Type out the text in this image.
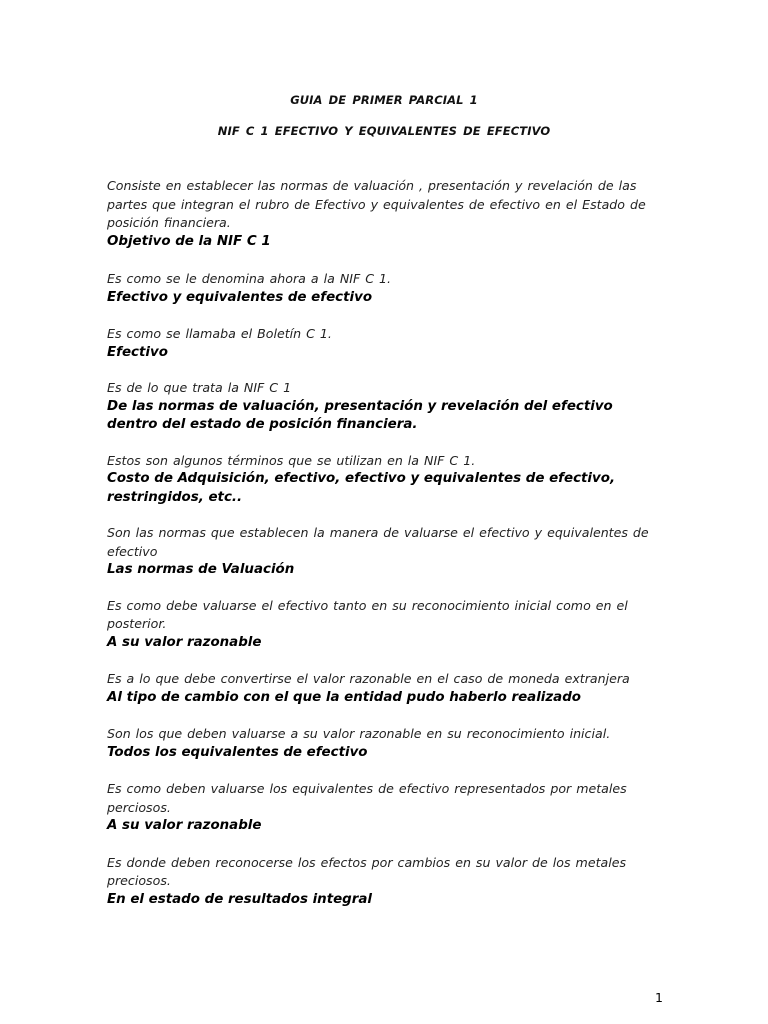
GUIA DE PRIMER PARCIAL 1
NIF C 1 EFECTIVO Y EQUIVALENTES DE EFECTIVO

Consiste en establecer las normas de valuación , presentación y revelación de las partes que integran el rubro de Efectivo y equivalentes de efectivo en el Estado de posición financiera.

Objetivo de la NIF C 1

Es como se le denomina ahora a la NIF C 1.

Efectivo y equivalentes de efectivo

Es como se llamaba el Boletín C 1.

Efectivo

Es de lo que trata la NIF C 1

De las normas de valuación, presentación y revelación del efectivo dentro del estado de posición financiera.

Estos son algunos términos que se utilizan en la NIF C 1.

Costo de Adquisición, efectivo, efectivo y equivalentes de efectivo, restringidos, etc..

Son las normas que establecen la manera de valuarse el efectivo y equivalentes de efectivo

Las normas de Valuación

Es como debe valuarse el efectivo tanto en su reconocimiento inicial como en el posterior.

A su valor razonable

Es a lo que debe convertirse el valor razonable en el caso de moneda extranjera

Al tipo de cambio con el que la entidad pudo haberlo realizado

Son los que deben valuarse a su valor razonable en su reconocimiento inicial.

Todos los equivalentes de efectivo

Es como deben valuarse los equivalentes de efectivo representados por metales perciosos.

A su valor razonable

Es donde deben reconocerse los efectos por cambios en su valor de los metales preciosos.

En el estado de resultados integral

1
